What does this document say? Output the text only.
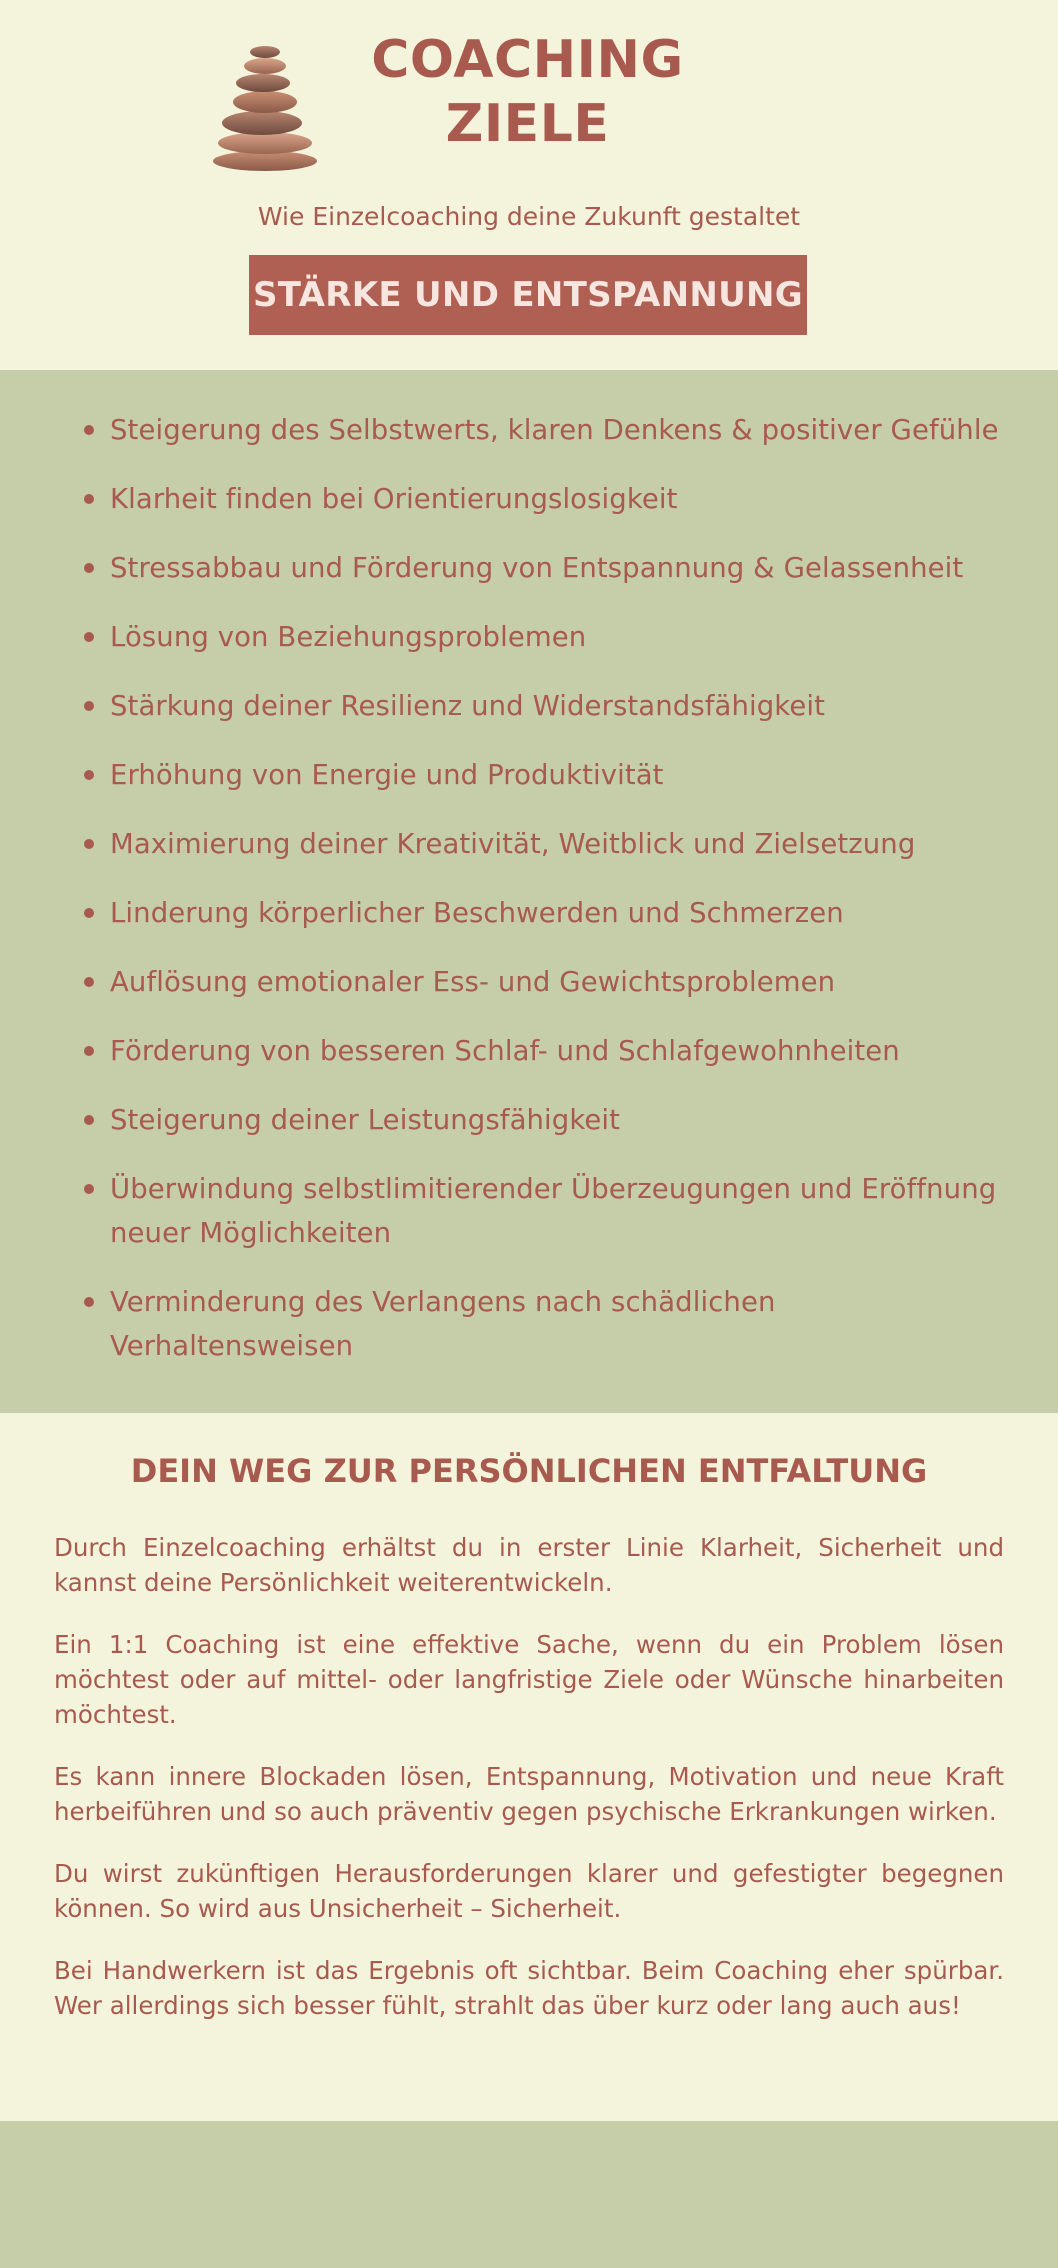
COACHING
ZIELE

Wie Einzelcoaching deine Zukunft gestaltet

STÄRKE UND ENTSPANNUNG
Steigerung des Selbstwerts, klaren Denkens & positiver Gefühle
Klarheit finden bei Orientierungslosigkeit
Stressabbau und Förderung von Entspannung & Gelassenheit
Lösung von Beziehungsproblemen
Stärkung deiner Resilienz und Widerstandsfähigkeit
Erhöhung von Energie und Produktivität
Maximierung deiner Kreativität, Weitblick und Zielsetzung
Linderung körperlicher Beschwerden und Schmerzen
Auflösung emotionaler Ess- und Gewichtsproblemen
Förderung von besseren Schlaf- und Schlafgewohnheiten
Steigerung deiner Leistungsfähigkeit
Überwindung selbstlimitierender Überzeugungen und Eröffnung neuer Möglichkeiten
Verminderung des Verlangens nach schädlichen Verhaltensweisen
DEIN WEG ZUR PERSÖNLICHEN ENTFALTUNG

Durch Einzelcoaching erhältst du in erster Linie Klarheit, Sicherheit und kannst deine Persönlichkeit weiterentwickeln.

Ein 1:1 Coaching ist eine effektive Sache, wenn du ein Problem lösen möchtest oder auf mittel- oder langfristige Ziele oder Wünsche hinarbeiten möchtest.

Es kann innere Blockaden lösen, Entspannung, Motivation und neue Kraft herbeiführen und so auch präventiv gegen psychische Erkrankungen wirken.

Du wirst zukünftigen Herausforderungen klarer und gefestigter begegnen können. So wird aus Unsicherheit – Sicherheit.

Bei Handwerkern ist das Ergebnis oft sichtbar. Beim Coaching eher spürbar. Wer allerdings sich besser fühlt, strahlt das über kurz oder lang auch aus!
